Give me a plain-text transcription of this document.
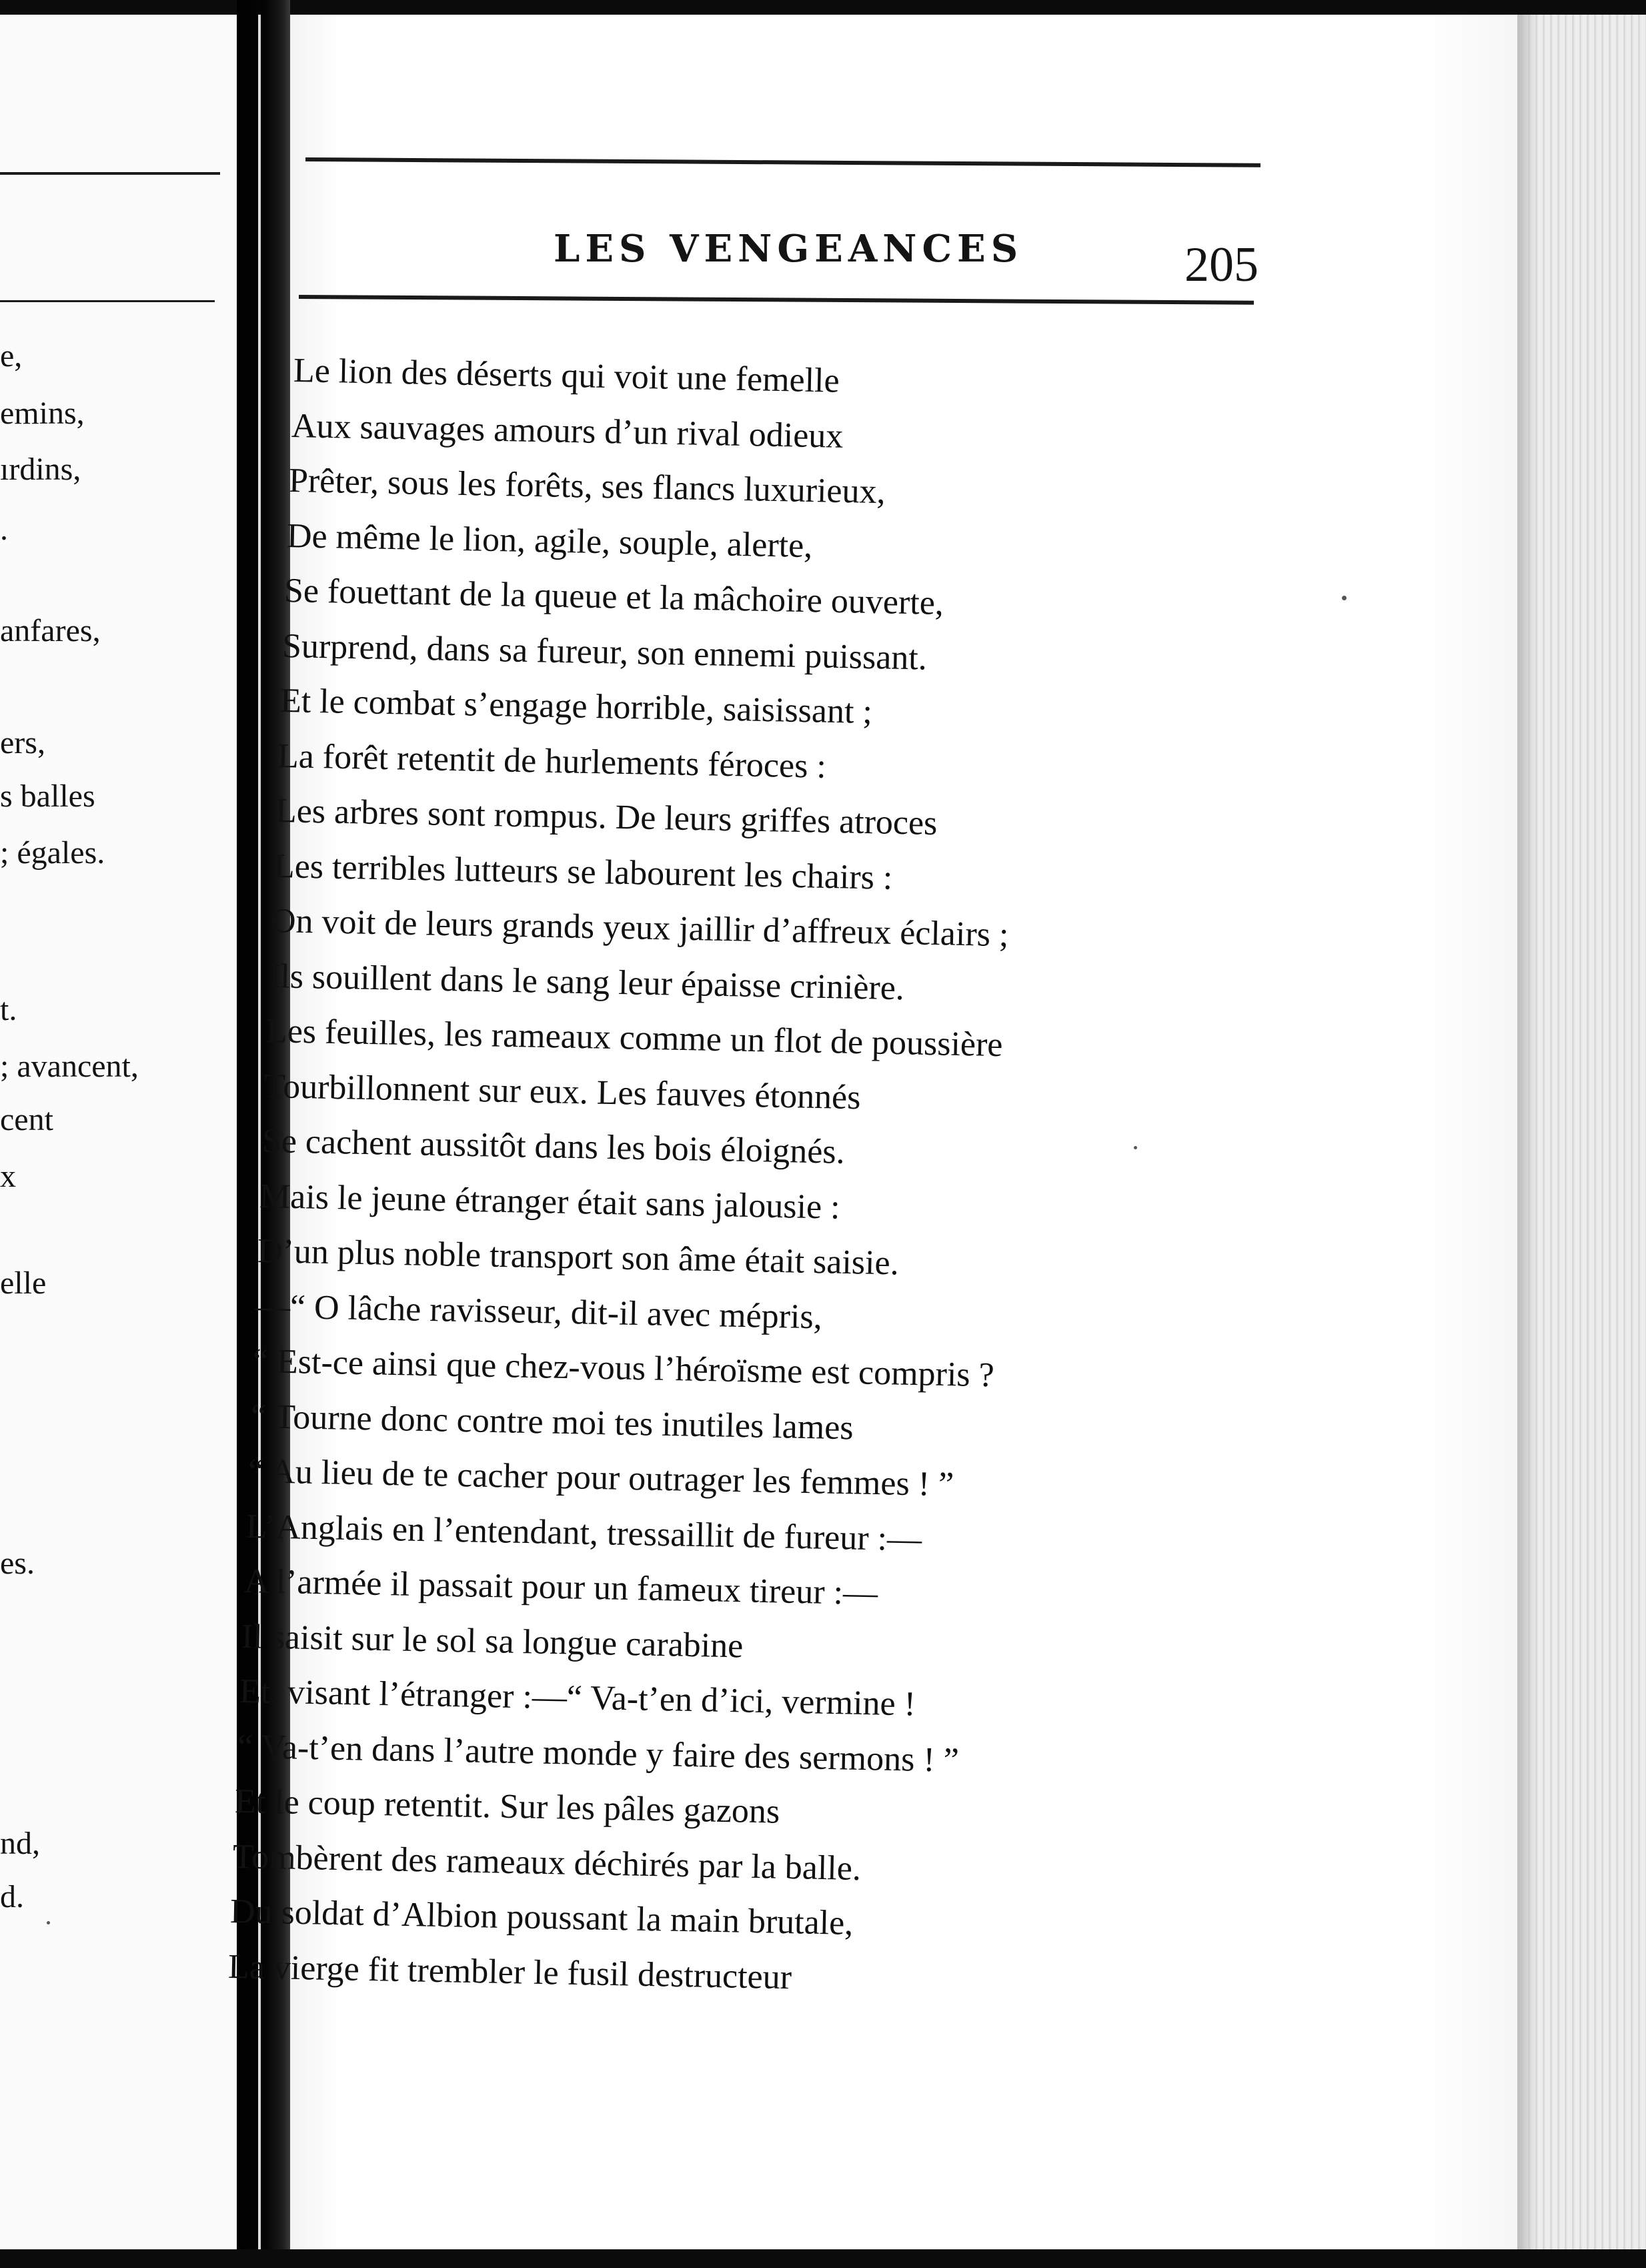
e,
emins,
ırdins,
.
anfares,
ers,
s balles
; égales.
t.
; avancent,
cent
x
elle
es.
nd,
d.
LES VENGEANCES	205
Le lion des déserts qui voit une femelle
Aux sauvages amours d’un rival odieux
Prêter, sous les forêts, ses flancs luxurieux,
De même le lion, agile, souple, alerte,
Se fouettant de la queue et la mâchoire ouverte,
Surprend, dans sa fureur, son ennemi puissant.
Et le combat s’engage horrible, saisissant ;
La forêt retentit de hurlements féroces :
Les arbres sont rompus. De leurs griffes atroces
Les terribles lutteurs se labourent les chairs :
On voit de leurs grands yeux jaillir d’affreux éclairs ;
Ils souillent dans le sang leur épaisse crinière.
Les feuilles, les rameaux comme un flot de poussière
Tourbillonnent sur eux. Les fauves étonnés
Se cachent aussitôt dans les bois éloignés.
Mais le jeune étranger était sans jalousie :
D’un plus noble transport son âme était saisie.
—“ O lâche ravisseur, dit-il avec mépris,
“ Est-ce ainsi que chez-vous l’héroïsme est compris ?
“ Tourne donc contre moi tes inutiles lames
“ Au lieu de te cacher pour outrager les femmes ! ”
L’Anglais en l’entendant, tressaillit de fureur :—
A l’armée il passait pour un fameux tireur :—
Il saisit sur le sol sa longue carabine
Et, visant l’étranger :—“ Va-t’en d’ici, vermine !
“ Va-t’en dans l’autre monde y faire des sermons ! ”
Et le coup retentit. Sur les pâles gazons
Tombèrent des rameaux déchirés par la balle.
Du soldat d’Albion poussant la main brutale,
La vierge fit trembler le fusil destructeur
